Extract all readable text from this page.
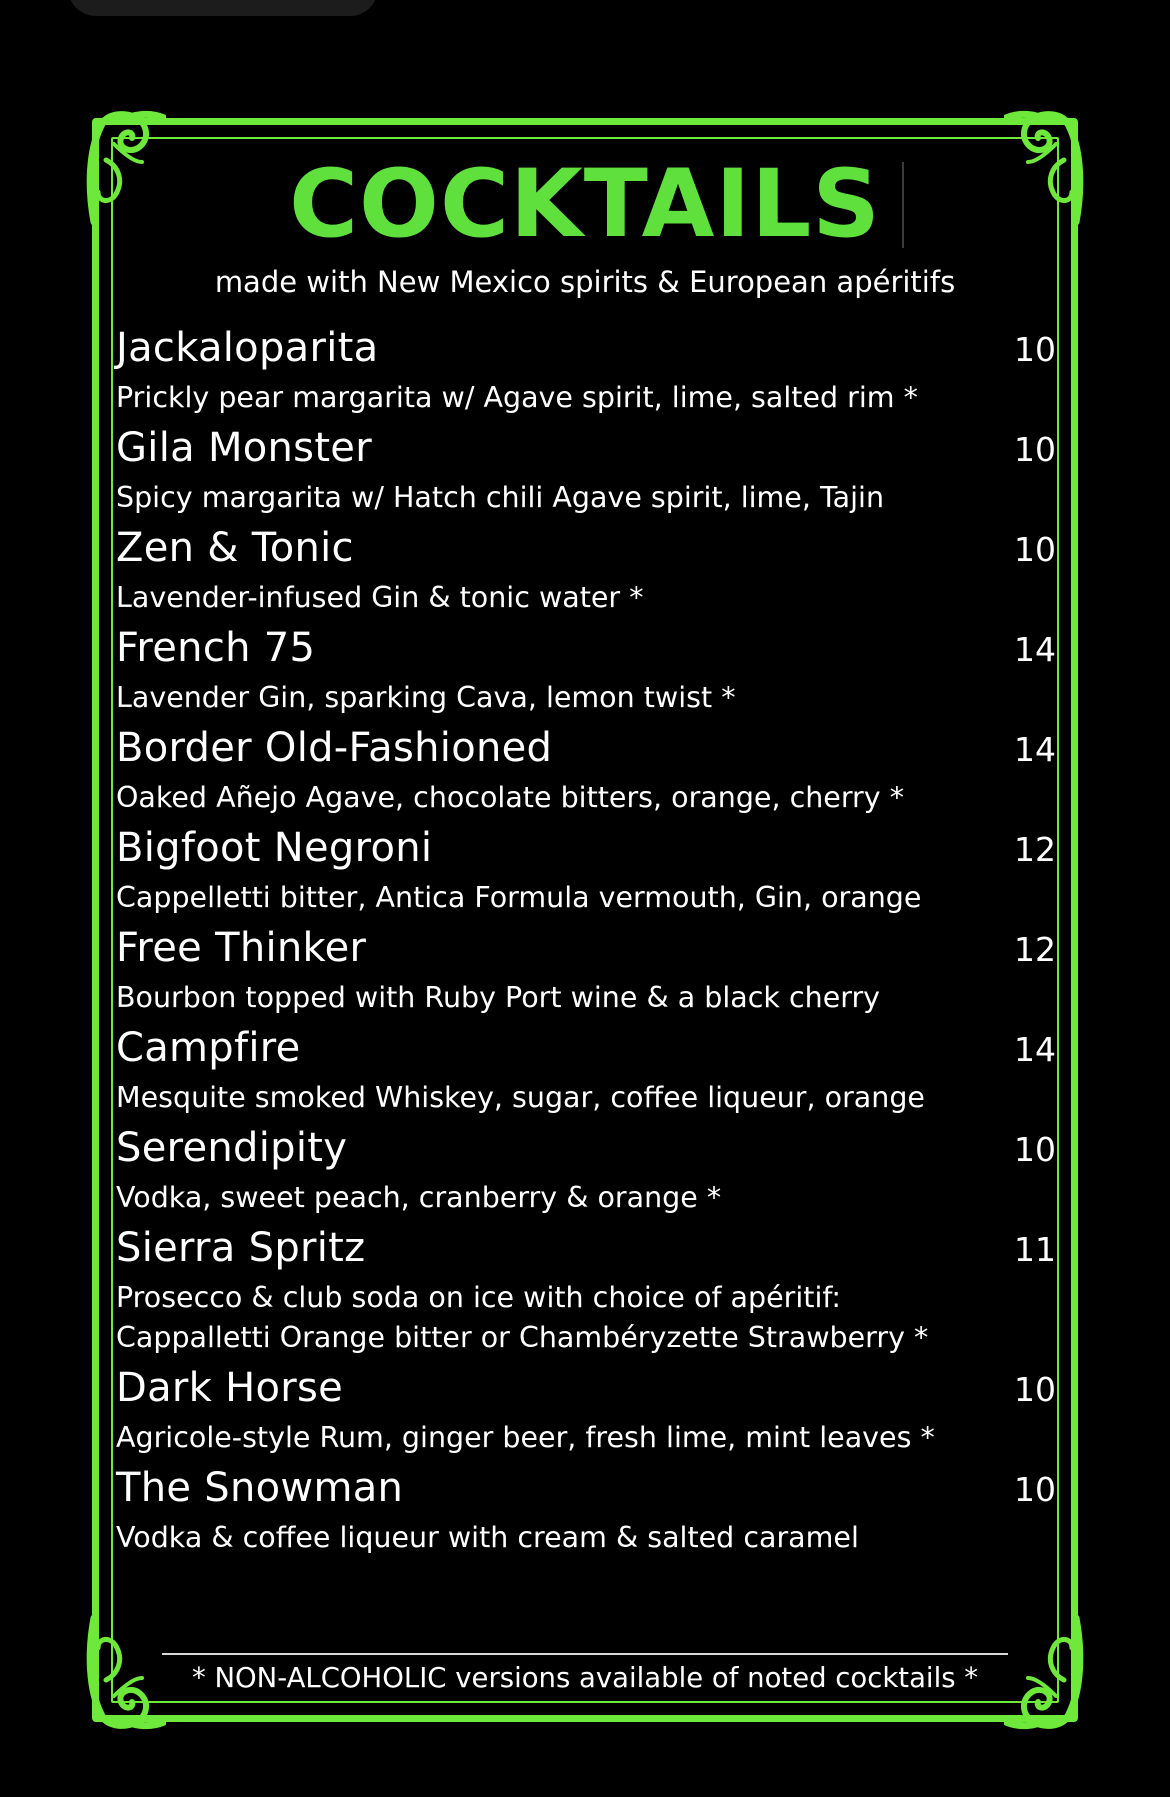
COCKTAILS
made with New Mexico spirits & European apéritifs
Jackaloparita	10
Prickly pear margarita w/ Agave spirit, lime, salted rim *
Gila Monster	10
Spicy margarita w/ Hatch chili Agave spirit, lime, Tajin
Zen & Tonic	10
Lavender-infused Gin & tonic water *
French 75	14
Lavender Gin, sparking Cava, lemon twist *
Border Old-Fashioned	14
Oaked Añejo Agave, chocolate bitters, orange, cherry *
Bigfoot Negroni	12
Cappelletti bitter, Antica Formula vermouth, Gin, orange
Free Thinker	12
Bourbon topped with Ruby Port wine & a black cherry
Campfire	14
Mesquite smoked Whiskey, sugar, coffee liqueur, orange
Serendipity	10
Vodka, sweet peach, cranberry & orange *
Sierra Spritz	11
Prosecco & club soda on ice with choice of apéritif:
Cappalletti Orange bitter or Chambéryzette Strawberry *
Dark Horse	10
Agricole-style Rum, ginger beer, fresh lime, mint leaves *
The Snowman	10
Vodka & coffee liqueur with cream & salted caramel
* NON-ALCOHOLIC versions available of noted cocktails *
